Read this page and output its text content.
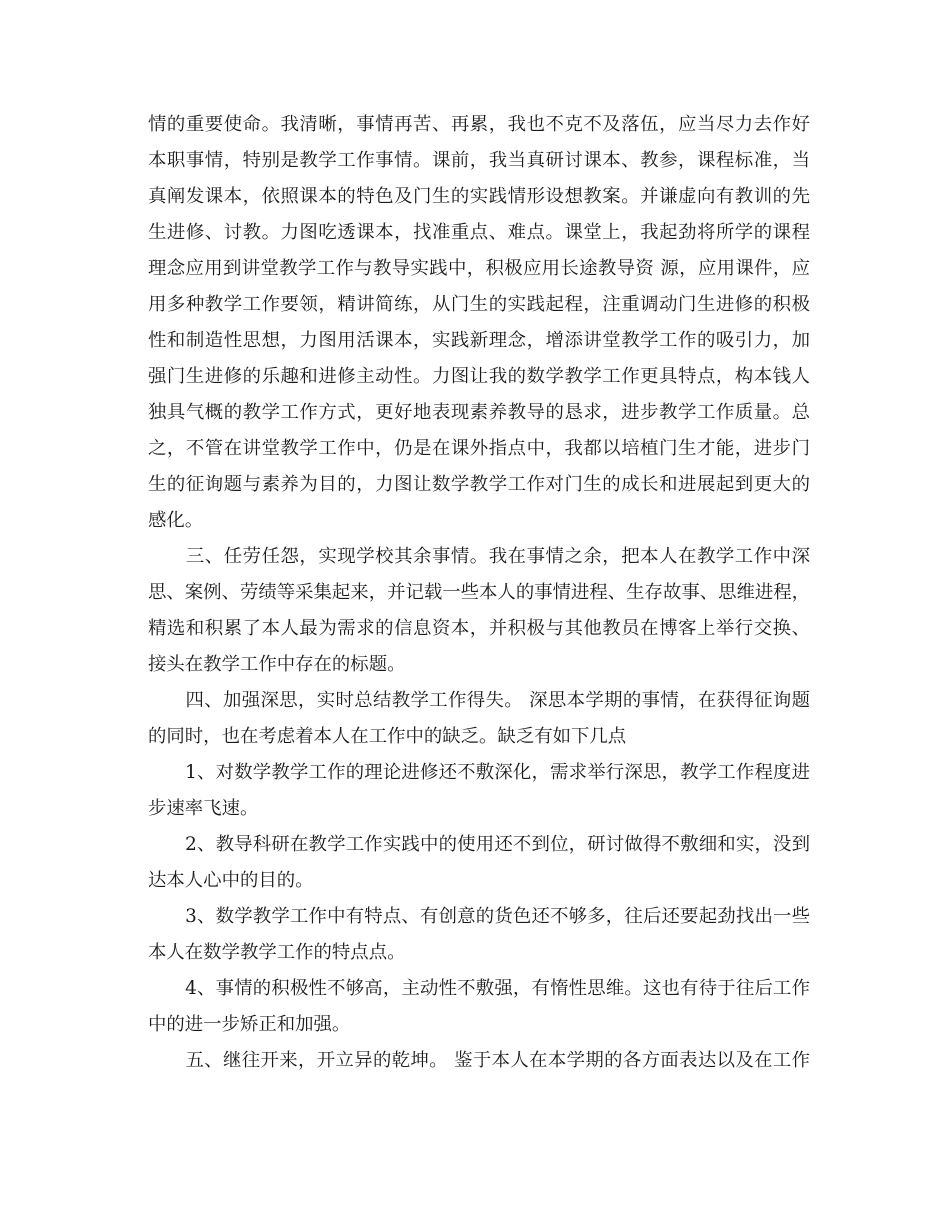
情的重要使命。我清晰，事情再苦、再累，我也不克不及落伍，应当尽力去作好
本职事情，特别是教学工作事情。课前，我当真研讨课本、教参，课程标准，当
真阐发课本，依照课本的特色及门生的实践情形设想教案。并谦虚向有教训的先
生进修、讨教。力图吃透课本，找准重点、难点。课堂上，我起劲将所学的课程
理念应用到讲堂教学工作与教导实践中，积极应用长途教导资 源，应用课件，应
用多种教学工作要领，精讲简练，从门生的实践起程，注重调动门生进修的积极
性和制造性思想，力图用活课本，实践新理念，增添讲堂教学工作的吸引力，加
强门生进修的乐趣和进修主动性。力图让我的数学教学工作更具特点，构本钱人
独具气概的教学工作方式，更好地表现素养教导的恳求，进步教学工作质量。总
之，不管在讲堂教学工作中，仍是在课外指点中，我都以培植门生才能，进步门
生的征询题与素养为目的，力图让数学教学工作对门生的成长和进展起到更大的
感化。
　　三、任劳任怨，实现学校其余事情。我在事情之余，把本人在教学工作中深
思、案例、劳绩等采集起来，并记载一些本人的事情进程、生存故事、思维进程，
精选和积累了本人最为需求的信息资本，并积极与其他教员在博客上举行交换、
接头在教学工作中存在的标题。
　　四、加强深思，实时总结教学工作得失。 深思本学期的事情，在获得征询题
的同时，也在考虑着本人在工作中的缺乏。缺乏有如下几点
　　1、对数学教学工作的理论进修还不敷深化，需求举行深思，教学工作程度进
步速率飞速。
　　2、教导科研在教学工作实践中的使用还不到位，研讨做得不敷细和实，没到
达本人心中的目的。
　　3、数学教学工作中有特点、有创意的货色还不够多，往后还要起劲找出一些
本人在数学教学工作的特点点。
　　4、事情的积极性不够高，主动性不敷强，有惰性思维。这也有待于往后工作
中的进一步矫正和加强。
　　五、继往开来，开立异的乾坤。 鉴于本人在本学期的各方面表达以及在工作
